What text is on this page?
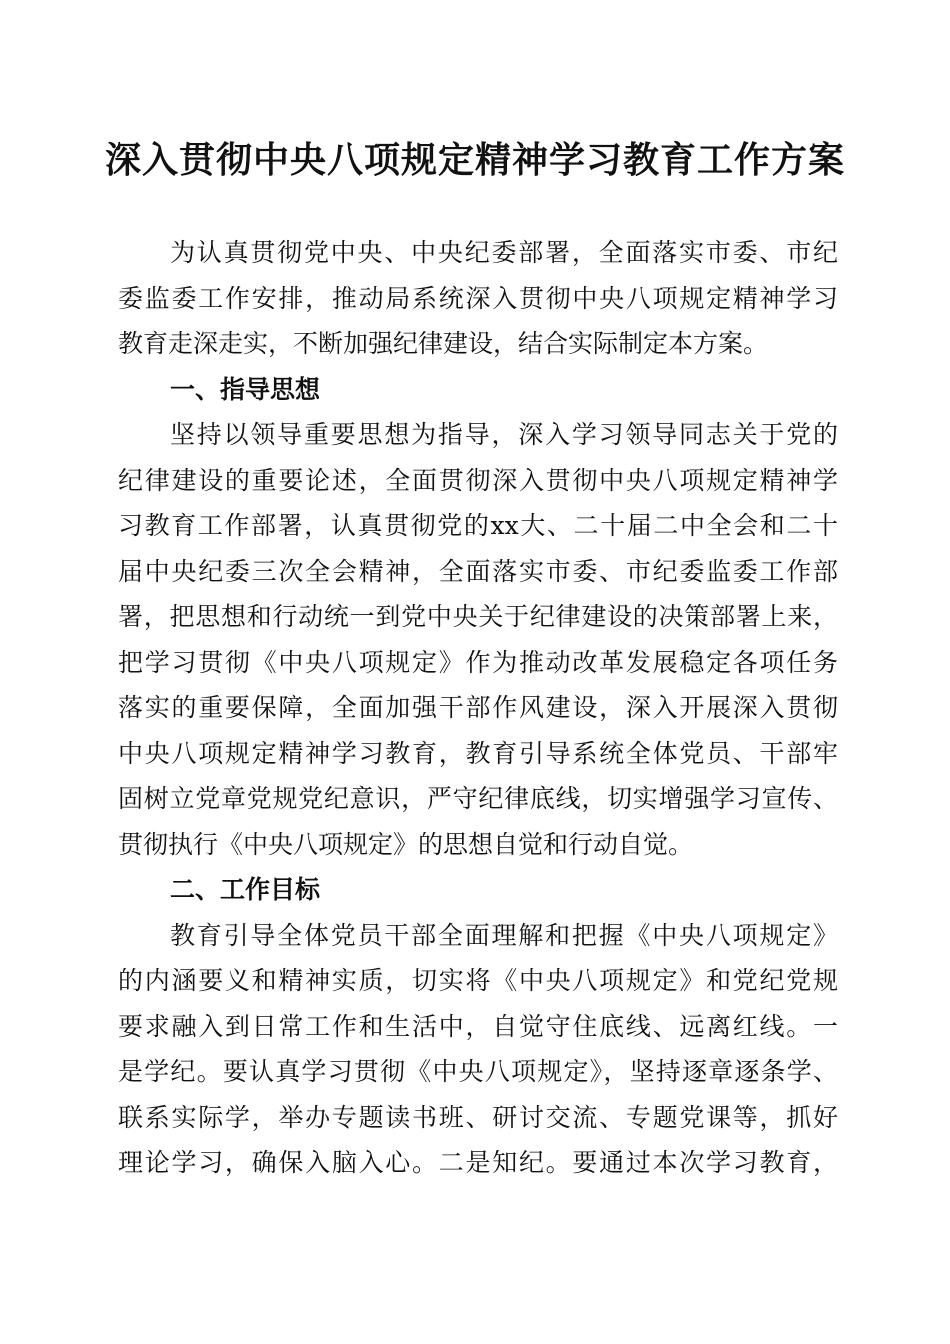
深入贯彻中央八项规定精神学习教育工作方案
为认真贯彻党中央、中央纪委部署，全面落实市委、市纪
委监委工作安排，推动局系统深入贯彻中央八项规定精神学习
教育走深走实，不断加强纪律建设，结合实际制定本方案。
一、指导思想
坚持以领导重要思想为指导，深入学习领导同志关于党的
纪律建设的重要论述，全面贯彻深入贯彻中央八项规定精神学
习教育工作部署，认真贯彻党的xx大、二十届二中全会和二十
届中央纪委三次全会精神，全面落实市委、市纪委监委工作部
署，把思想和行动统一到党中央关于纪律建设的决策部署上来，
把学习贯彻《中央八项规定》作为推动改革发展稳定各项任务
落实的重要保障，全面加强干部作风建设，深入开展深入贯彻
中央八项规定精神学习教育，教育引导系统全体党员、干部牢
固树立党章党规党纪意识，严守纪律底线，切实增强学习宣传、
贯彻执行《中央八项规定》的思想自觉和行动自觉。
二、工作目标
教育引导全体党员干部全面理解和把握《中央八项规定》
的内涵要义和精神实质，切实将《中央八项规定》和党纪党规
要求融入到日常工作和生活中，自觉守住底线、远离红线。一
是学纪。要认真学习贯彻《中央八项规定》，坚持逐章逐条学、
联系实际学，举办专题读书班、研讨交流、专题党课等，抓好
理论学习，确保入脑入心。二是知纪。要通过本次学习教育，
